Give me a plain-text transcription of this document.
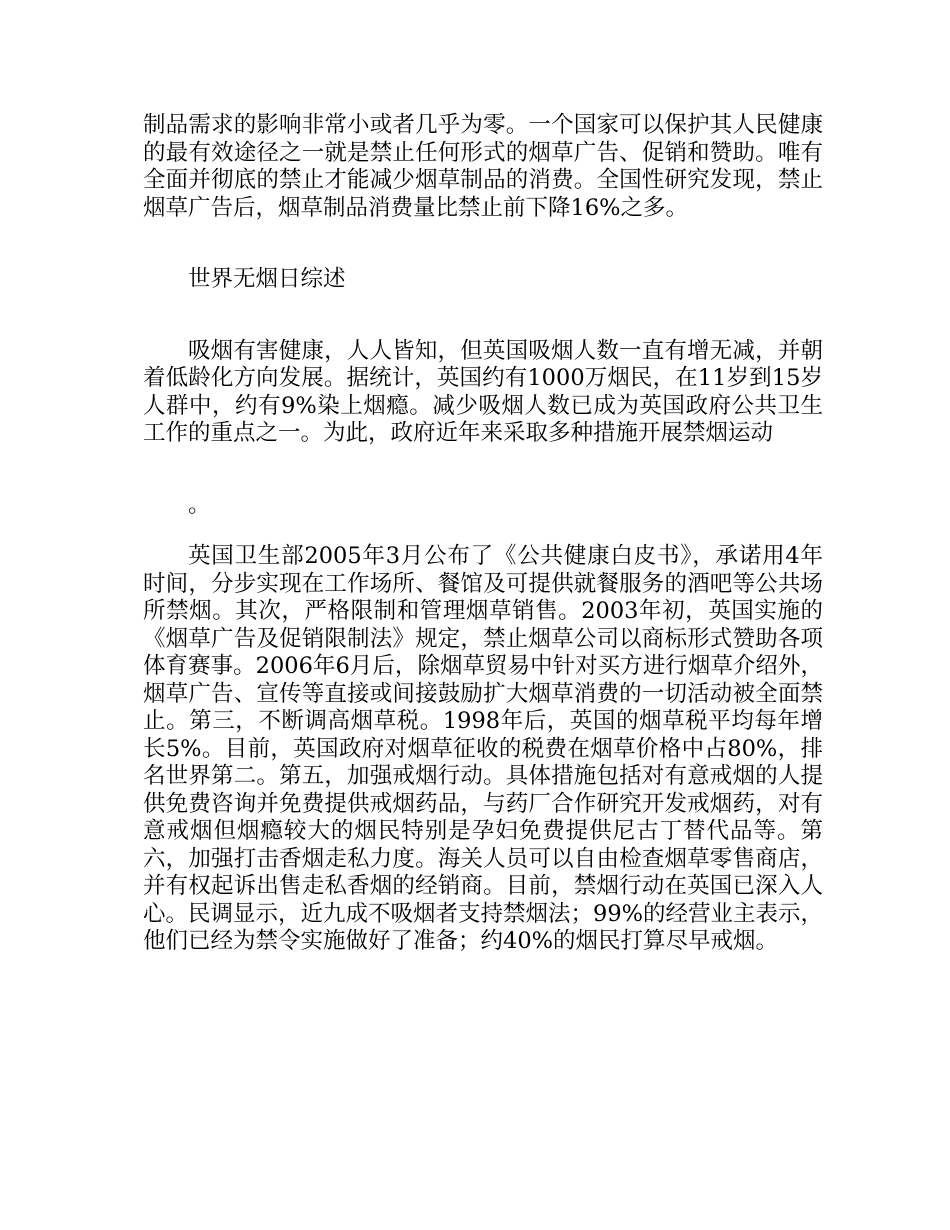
制品需求的影响非常小或者几乎为零。一个国家可以保护其人民健康的最有效途径之一就是禁止任何形式的烟草广告、促销和赞助。唯有全面并彻底的禁止才能减少烟草制品的消费。全国性研究发现，禁止烟草广告后，烟草制品消费量比禁止前下降16%之多。

世界无烟日综述

吸烟有害健康，人人皆知，但英国吸烟人数一直有增无减，并朝着低龄化方向发展。据统计，英国约有1000万烟民，在11岁到15岁人群中，约有9%染上烟瘾。减少吸烟人数已成为英国政府公共卫生工作的重点之一。为此，政府近年来采取多种措施开展禁烟运动

。

英国卫生部2005年3月公布了《公共健康白皮书》，承诺用4年时间，分步实现在工作场所、餐馆及可提供就餐服务的酒吧等公共场所禁烟。其次，严格限制和管理烟草销售。2003年初，英国实施的《烟草广告及促销限制法》规定，禁止烟草公司以商标形式赞助各项体育赛事。2006年6月后，除烟草贸易中针对买方进行烟草介绍外，烟草广告、宣传等直接或间接鼓励扩大烟草消费的一切活动被全面禁止。第三，不断调高烟草税。1998年后，英国的烟草税平均每年增长5%。目前，英国政府对烟草征收的税费在烟草价格中占80%，排名世界第二。第五，加强戒烟行动。具体措施包括对有意戒烟的人提供免费咨询并免费提供戒烟药品，与药厂合作研究开发戒烟药，对有意戒烟但烟瘾较大的烟民特别是孕妇免费提供尼古丁替代品等。第六，加强打击香烟走私力度。海关人员可以自由检查烟草零售商店，并有权起诉出售走私香烟的经销商。目前，禁烟行动在英国已深入人心。民调显示，近九成不吸烟者支持禁烟法；99%的经营业主表示，他们已经为禁令实施做好了准备；约40%的烟民打算尽早戒烟。
